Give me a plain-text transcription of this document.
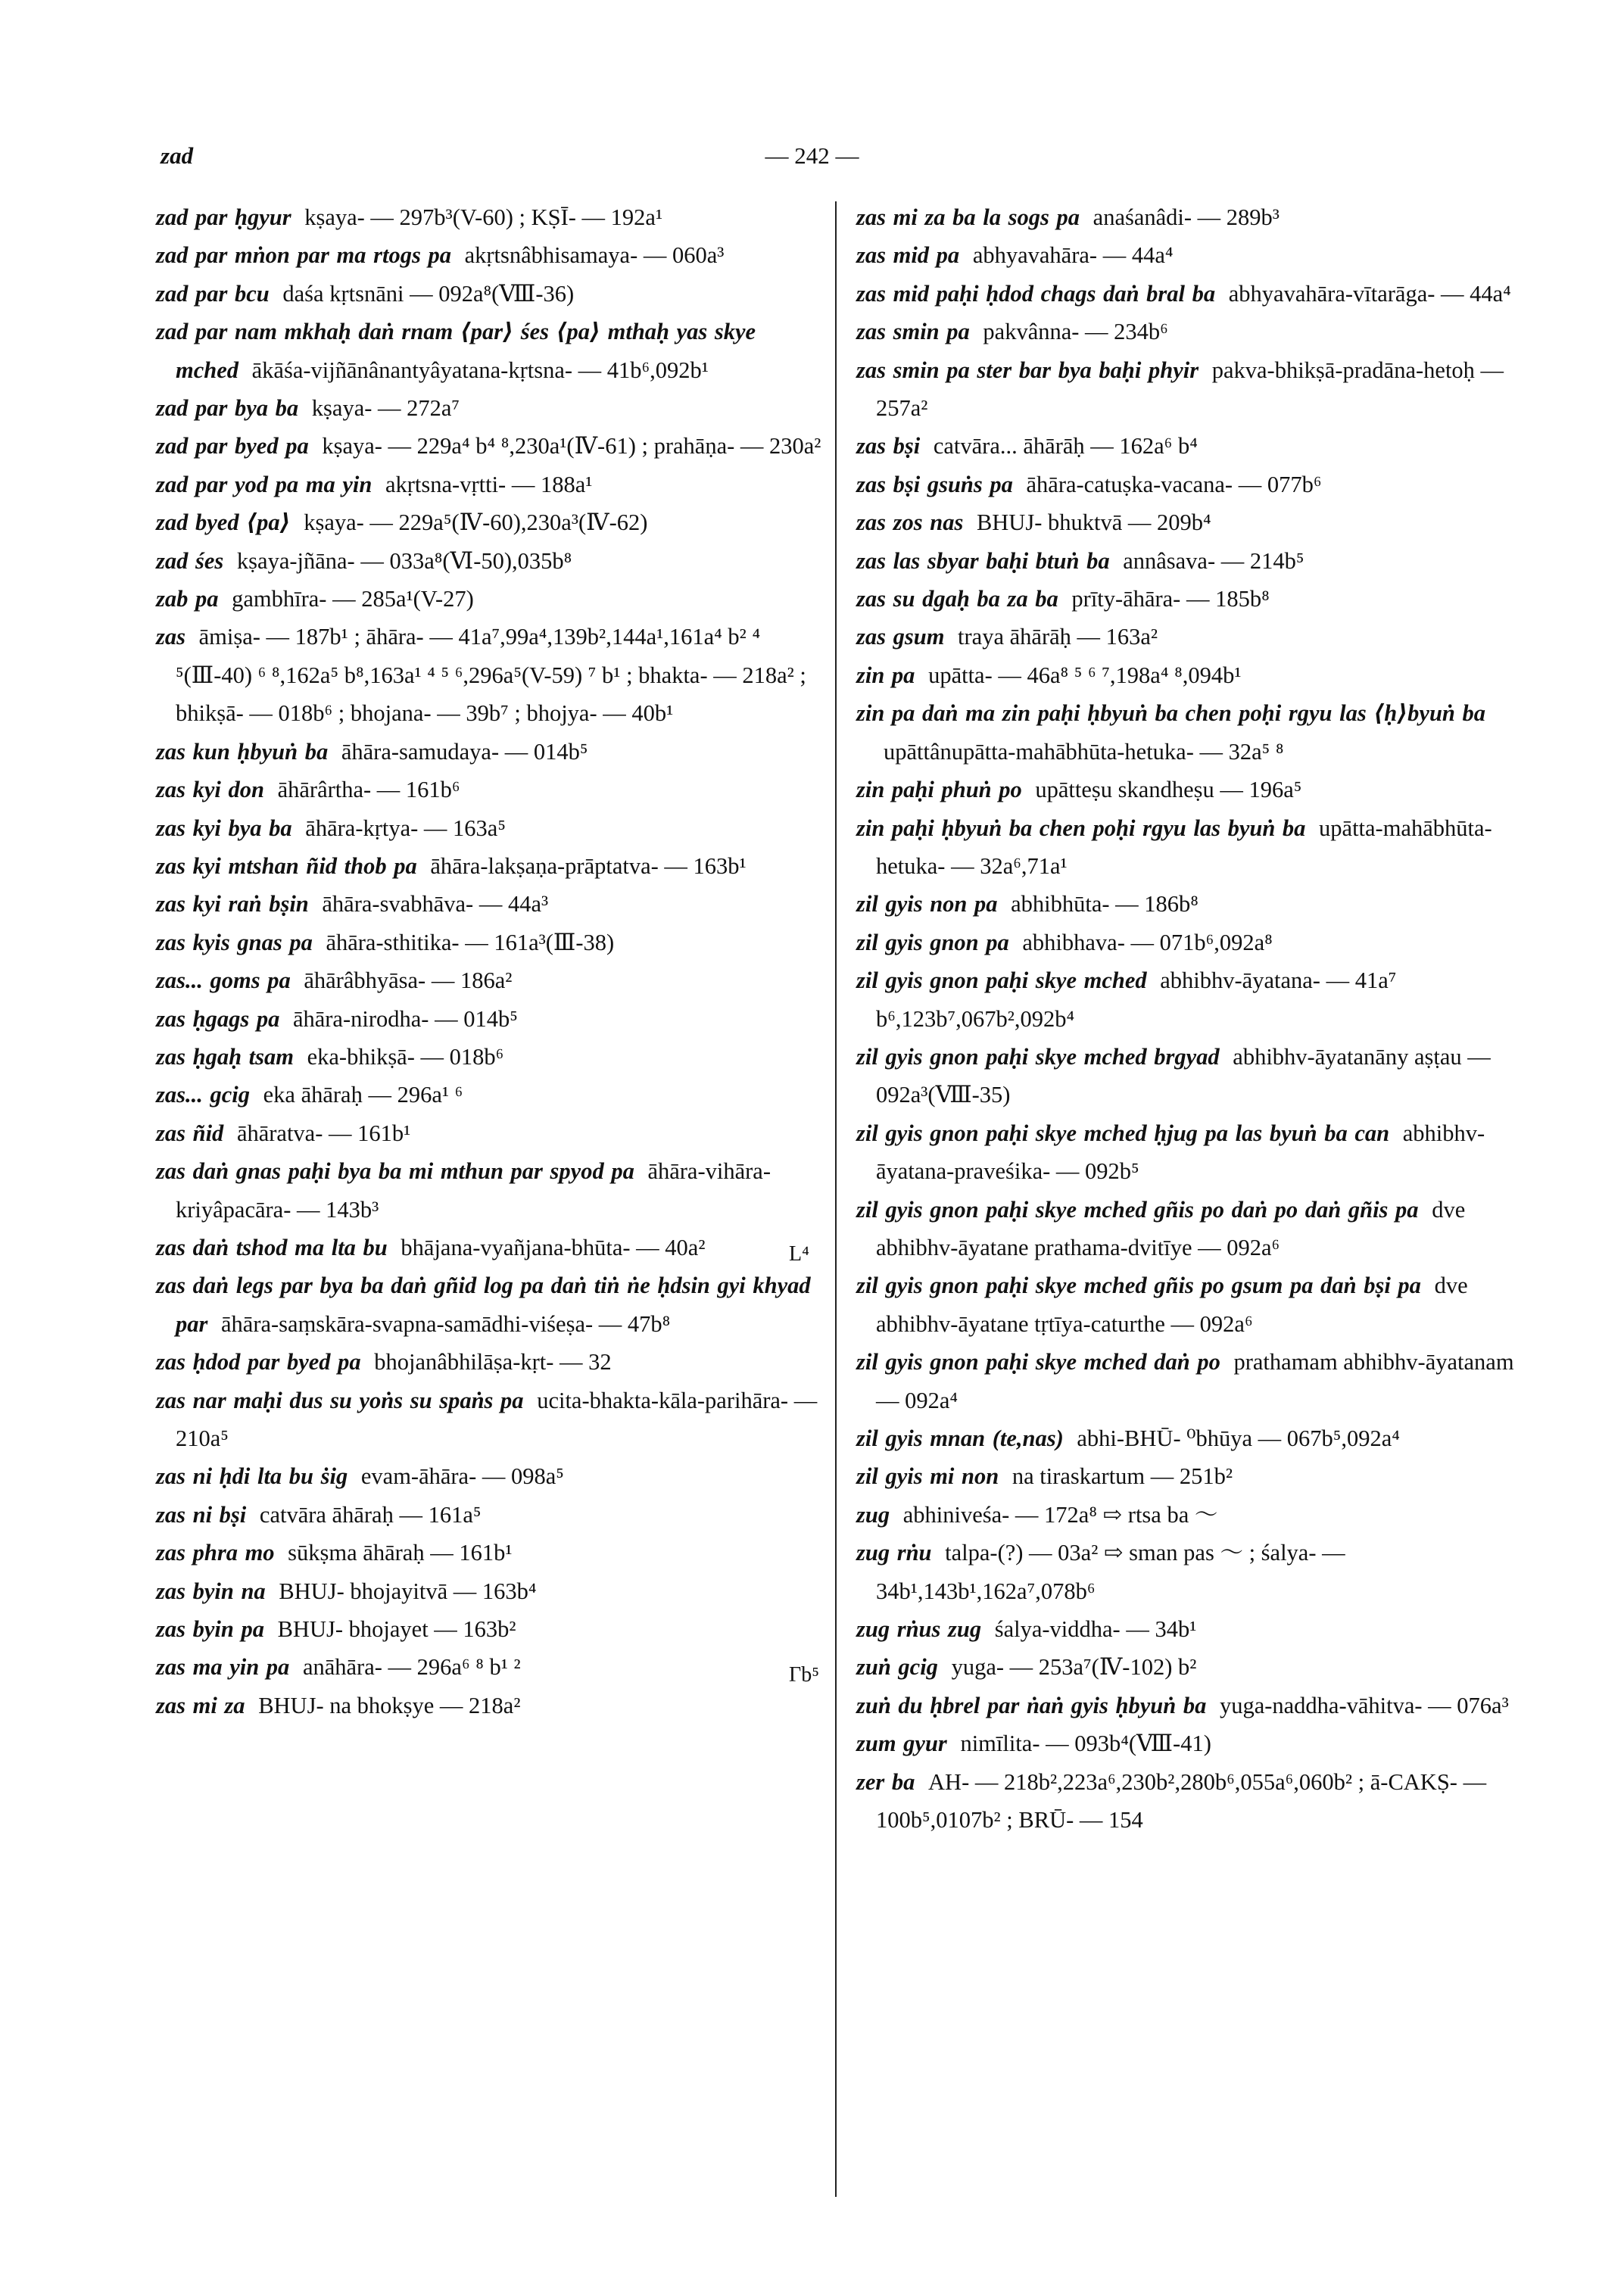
zad	— 242 —
zad par ḥgyur kṣaya- — 297b³(V-60) ; KṢĪ- — 192a¹
zad par mṅon par ma rtogs pa akṛtsnâbhisamaya- — 060a³
zad par bcu daśa kṛtsnāni — 092a⁸(Ⅷ-36)
zad par nam mkhaḥ daṅ rnam ⟨par⟩ śes ⟨pa⟩ mthaḥ yas skye mched ākāśa-vijñānânantyâyatana-kṛtsna- — 41b⁶,092b¹
zad par bya ba kṣaya- — 272a⁷
zad par byed pa kṣaya- — 229a⁴ b⁴ ⁸,230a¹(Ⅳ-61) ; prahāṇa- — 230a²
zad par yod pa ma yin akṛtsna-vṛtti- — 188a¹
zad byed ⟨pa⟩ kṣaya- — 229a⁵(Ⅳ-60),230a³(Ⅳ-62)
zad śes kṣaya-jñāna- — 033a⁸(Ⅵ-50),035b⁸
zab pa gambhīra- — 285a¹(V-27)
zas āmiṣa- — 187b¹ ; āhāra- — 41a⁷,99a⁴,139b²,144a¹,161a⁴ b² ⁴ ⁵(Ⅲ-40) ⁶ ⁸,162a⁵ b⁸,163a¹ ⁴ ⁵ ⁶,296a⁵(V-59) ⁷ b¹ ; bhakta- — 218a² ; bhikṣā- — 018b⁶ ; bhojana- — 39b⁷ ; bhojya- — 40b¹
zas kun ḥbyuṅ ba āhāra-samudaya- — 014b⁵
zas kyi don āhārârtha- — 161b⁶
zas kyi bya ba āhāra-kṛtya- — 163a⁵
zas kyi mtshan ñid thob pa āhāra-lakṣaṇa-prāptatva- — 163b¹
zas kyi raṅ bṣin āhāra-svabhāva- — 44a³
zas kyis gnas pa āhāra-sthitika- — 161a³(Ⅲ-38)
zas... goms pa āhārâbhyāsa- — 186a²
zas ḥgags pa āhāra-nirodha- — 014b⁵
zas ḥgaḥ tsam eka-bhikṣā- — 018b⁶
zas... gcig eka āhāraḥ — 296a¹ ⁶
zas ñid āhāratva- — 161b¹
zas daṅ gnas paḥi bya ba mi mthun par spyod pa āhāra-vihāra-kriyâpacāra- — 143b³
zas daṅ tshod ma lta bu bhājana-vyañjana-bhūta- — 40a²
zas daṅ legs par bya ba daṅ gñid log pa daṅ tiṅ ṅe ḥdsin gyi khyad par āhāra-saṃskāra-svapna-samādhi-viśeṣa- — 47b⁸
zas ḥdod par byed pa bhojanâbhilāṣa-kṛt- — 32
zas nar maḥi dus su yoṅs su spaṅs pa ucita-bhakta-kāla-parihāra- — 210a⁵
zas ni ḥdi lta bu ṡig evam-āhāra- — 098a⁵
zas ni bṣi catvāra āhāraḥ — 161a⁵
zas phra mo sūkṣma āhāraḥ — 161b¹
zas byin na BHUJ- bhojayitvā — 163b⁴
zas byin pa BHUJ- bhojayet — 163b²
zas ma yin pa anāhāra- — 296a⁶ ⁸ b¹ ²
zas mi za BHUJ- na bhokṣye — 218a²
zas mi za ba la sogs pa anaśanâdi- — 289b³
zas mid pa abhyavahāra- — 44a⁴
zas mid paḥi ḥdod chags daṅ bral ba abhyavahāra-vītarāga- — 44a⁴
zas smin pa pakvânna- — 234b⁶
zas smin pa ster bar bya baḥi phyir pakva-bhikṣā-pradāna-hetoḥ — 257a²
zas bṣi catvāra... āhārāḥ — 162a⁶ b⁴
zas bṣi gsuṅs pa āhāra-catuṣka-vacana- — 077b⁶
zas zos nas BHUJ- bhuktvā — 209b⁴
zas las sbyar baḥi btuṅ ba annâsava- — 214b⁵
zas su dgaḥ ba za ba prīty-āhāra- — 185b⁸
zas gsum traya āhārāḥ — 163a²
zin pa upātta- — 46a⁸ ⁵ ⁶ ⁷,198a⁴ ⁸,094b¹
zin pa daṅ ma zin paḥi ḥbyuṅ ba chen poḥi rgyu las ⟨ḥ⟩byuṅ ba upāttânupātta-mahābhūta-hetuka- — 32a⁵ ⁸
zin paḥi phuṅ po upātteṣu skandheṣu — 196a⁵
zin paḥi ḥbyuṅ ba chen poḥi rgyu las byuṅ ba upātta-mahābhūta-hetuka- — 32a⁶,71a¹
zil gyis non pa abhibhūta- — 186b⁸
zil gyis gnon pa abhibhava- — 071b⁶,092a⁸
zil gyis gnon paḥi skye mched abhibhv-āyatana- — 41a⁷ b⁶,123b⁷,067b²,092b⁴
zil gyis gnon paḥi skye mched brgyad abhibhv-āyatanāny aṣṭau — 092a³(Ⅷ-35)
zil gyis gnon paḥi skye mched ḥjug pa las byuṅ ba can abhibhv-āyatana-praveśika- — 092b⁵
zil gyis gnon paḥi skye mched gñis po daṅ po daṅ gñis pa dve abhibhv-āyatane prathama-dvitīye — 092a⁶
zil gyis gnon paḥi skye mched gñis po gsum pa daṅ bṣi pa dve abhibhv-āyatane tṛtīya-caturthe — 092a⁶
zil gyis gnon paḥi skye mched daṅ po prathamam abhibhv-āyatanam — 092a⁴
zil gyis mnan (te,nas) abhi-BHŪ- ⁰bhūya — 067b⁵,092a⁴
zil gyis mi non na tiraskartum — 251b²
zug abhiniveśa- — 172a⁸ ⇨ rtsa ba ～
zug rṅu talpa-(?) — 03a² ⇨ sman pas ～ ; śalya- — 34b¹,143b¹,162a⁷,078b⁶
zug rṅus zug śalya-viddha- — 34b¹
zuṅ gcig yuga- — 253a⁷(Ⅳ-102) b²
zuṅ du ḥbrel par ṅaṅ gyis ḥbyuṅ ba yuga-naddha-vāhitva- — 076a³
zum gyur nimīlita- — 093b⁴(Ⅷ-41)
zer ba AH- — 218b²,223a⁶,230b²,280b⁶,055a⁶,060b² ; ā-CAKṢ- — 100b⁵,0107b² ; BRŪ- — 154
L⁴
Γb⁵
